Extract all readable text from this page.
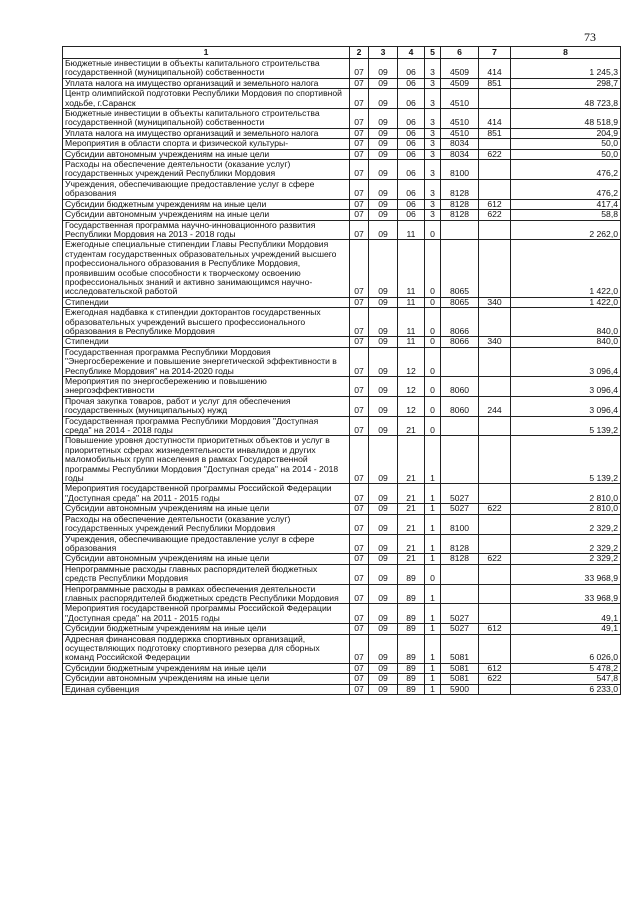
73
1	2	3	4	5	6	7	8
Бюджетные инвестиции в объекты капитального строительства государственной (муниципальной) собственности	07	09	06	3	4509	414	1 245,3
Уплата налога на имущество организаций и земельного налога	07	09	06	3	4509	851	298,7
Центр олимпийской подготовки Республики Мордовия по спортивной ходьбе, г.Саранск	07	09	06	3	4510		48 723,8
Бюджетные инвестиции в объекты капитального строительства государственной (муниципальной) собственности	07	09	06	3	4510	414	48 518,9
Уплата налога на имущество организаций и земельного налога	07	09	06	3	4510	851	204,9
Мероприятия в области спорта и физической культуры-	07	09	06	3	8034		50,0
Субсидии автономным учреждениям на иные цели	07	09	06	3	8034	622	50,0
Расходы на обеспечение деятельности (оказание услуг) государственных учреждений Республики Мордовия	07	09	06	3	8100		476,2
Учреждения, обеспечивающие предоставление услуг в сфере образования	07	09	06	3	8128		476,2
Субсидии бюджетным учреждениям на иные цели	07	09	06	3	8128	612	417,4
Субсидии автономным учреждениям на иные цели	07	09	06	3	8128	622	58,8
Государственная программа научно-инновационного развития Республики Мордовия на 2013 - 2018 годы	07	09	11	0			2 262,0
Ежегодные специальные стипендии Главы Республики Мордовия студентам государственных образовательных учреждений высшего профессионального образования в Республике Мордовия, проявившим особые способности к творческому освоению профессиональных знаний и активно занимающимся научно-исследовательской работой	07	09	11	0	8065		1 422,0
Стипендии	07	09	11	0	8065	340	1 422,0
Ежегодная надбавка к стипендии докторантов государственных образовательных учреждений высшего профессионального образования в Республике Мордовия	07	09	11	0	8066		840,0
Стипендии	07	09	11	0	8066	340	840,0
Государственная программа Республики Мордовия "Энергосбережение и повышение энергетической эффективности в Республике Мордовия" на 2014-2020 годы	07	09	12	0			3 096,4
Мероприятия по энергосбережению и повышению энергоэффективности	07	09	12	0	8060		3 096,4
Прочая закупка товаров, работ и услуг для обеспечения государственных (муниципальных) нужд	07	09	12	0	8060	244	3 096,4
Государственная программа Республики Мордовия "Доступная среда" на 2014 - 2018 годы	07	09	21	0			5 139,2
Повышение уровня доступности приоритетных объектов и услуг в приоритетных сферах жизнедеятельности инвалидов и других маломобильных групп населения в рамках Государственной программы Республики Мордовия "Доступная среда" на 2014 - 2018 годы	07	09	21	1			5 139,2
Мероприятия государственной программы Российской Федерации "Доступная среда" на 2011 - 2015 годы	07	09	21	1	5027		2 810,0
Субсидии автономным учреждениям на иные цели	07	09	21	1	5027	622	2 810,0
Расходы на обеспечение деятельности (оказание услуг) государственных учреждений Республики Мордовия	07	09	21	1	8100		2 329,2
Учреждения, обеспечивающие предоставление услуг в сфере образования	07	09	21	1	8128		2 329,2
Субсидии автономным учреждениям на иные цели	07	09	21	1	8128	622	2 329,2
Непрограммные расходы главных распорядителей бюджетных средств Республики Мордовия	07	09	89	0			33 968,9
Непрограммные расходы в рамках обеспечения деятельности главных распорядителей бюджетных средств Республики Мордовия	07	09	89	1			33 968,9
Мероприятия государственной программы Российской Федерации "Доступная среда" на 2011 - 2015 годы	07	09	89	1	5027		49,1
Субсидии бюджетным учреждениям на иные цели	07	09	89	1	5027	612	49,1
Адресная финансовая поддержка спортивных организаций, осуществляющих подготовку спортивного резерва для сборных команд Российской Федерации	07	09	89	1	5081		6 026,0
Субсидии бюджетным учреждениям на иные цели	07	09	89	1	5081	612	5 478,2
Субсидии автономным учреждениям на иные цели	07	09	89	1	5081	622	547,8
Единая субвенция	07	09	89	1	5900		6 233,0
